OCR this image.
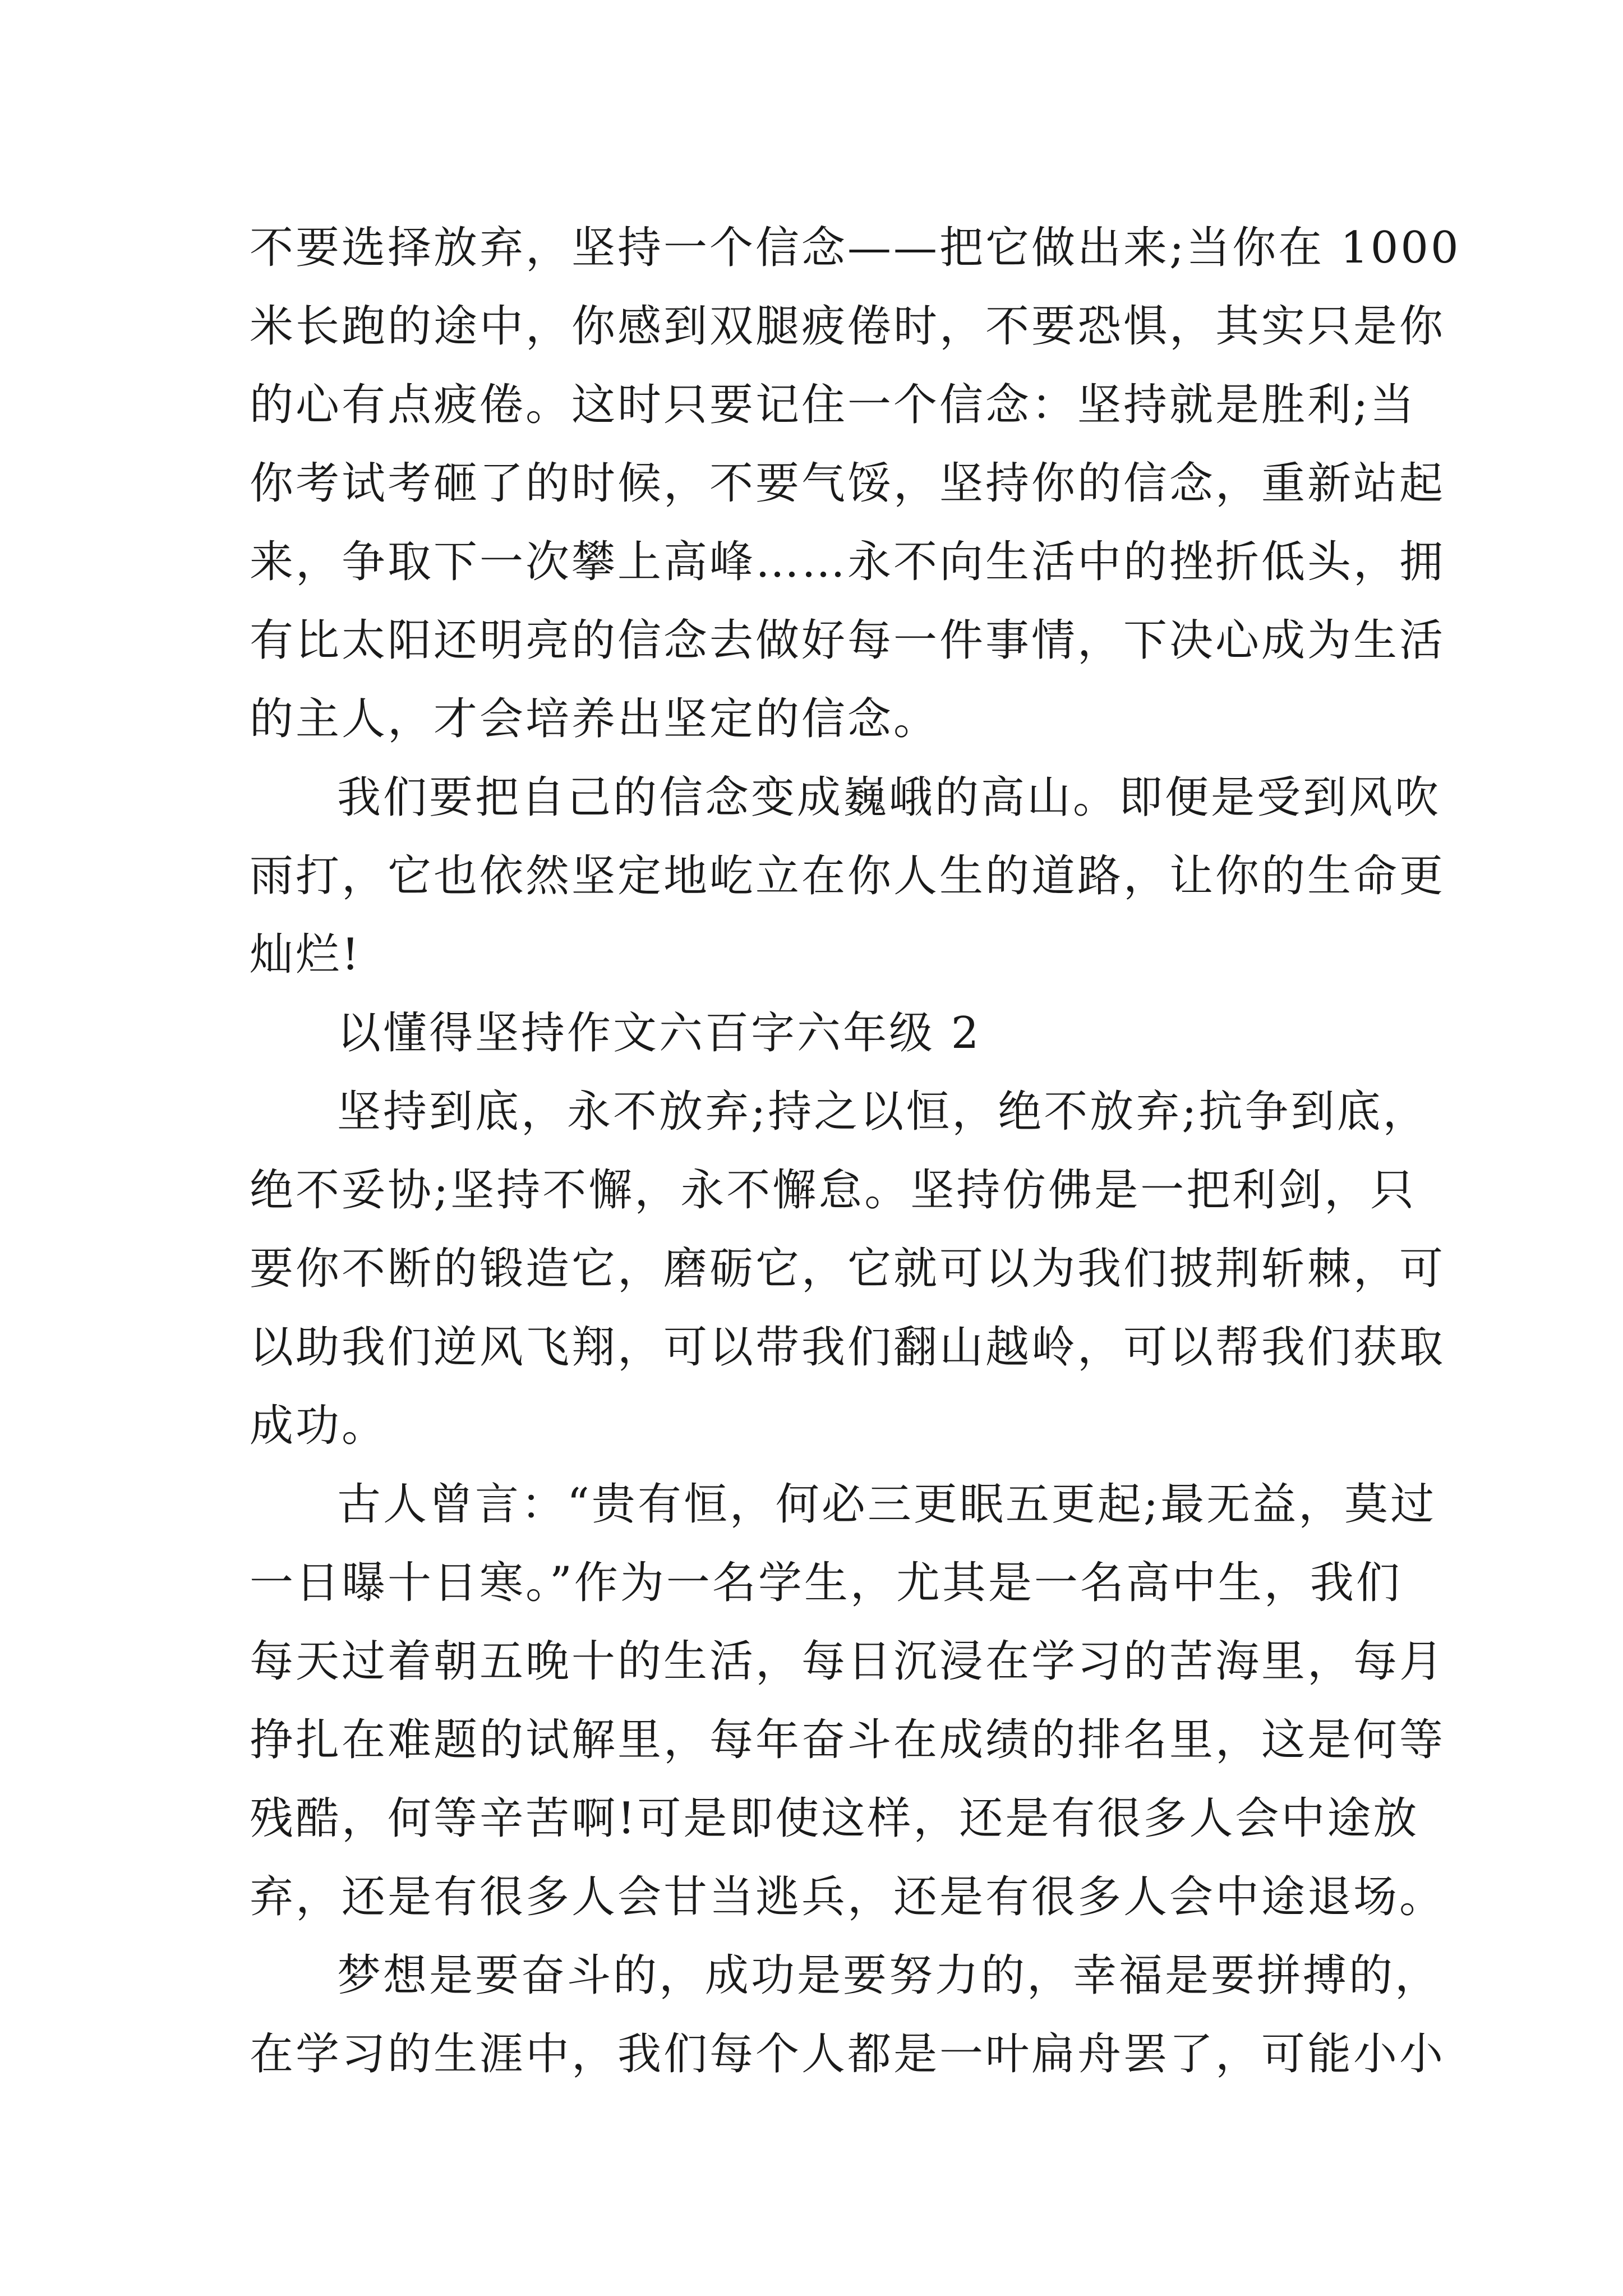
不要选择放弃，坚持一个信念——把它做出来;当你在 1000
米长跑的途中，你感到双腿疲倦时，不要恐惧，其实只是你
的心有点疲倦。这时只要记住一个信念：坚持就是胜利;当
你考试考砸了的时候，不要气馁，坚持你的信念，重新站起
来，争取下一次攀上高峰……永不向生活中的挫折低头，拥
有比太阳还明亮的信念去做好每一件事情，下决心成为生活
的主人，才会培养出坚定的信念。
我们要把自己的信念变成巍峨的高山。即便是受到风吹
雨打，它也依然坚定地屹立在你人生的道路，让你的生命更
灿烂!
以懂得坚持作文六百字六年级 2
坚持到底，永不放弃;持之以恒，绝不放弃;抗争到底，
绝不妥协;坚持不懈，永不懈怠。坚持仿佛是一把利剑，只
要你不断的锻造它，磨砺它，它就可以为我们披荆斩棘，可
以助我们逆风飞翔，可以带我们翻山越岭，可以帮我们获取
成功。
古人曾言：“贵有恒，何必三更眠五更起;最无益，莫过
一日曝十日寒。”作为一名学生，尤其是一名高中生，我们
每天过着朝五晚十的生活，每日沉浸在学习的苦海里，每月
挣扎在难题的试解里，每年奋斗在成绩的排名里，这是何等
残酷，何等辛苦啊!可是即使这样，还是有很多人会中途放
弃，还是有很多人会甘当逃兵，还是有很多人会中途退场。
梦想是要奋斗的，成功是要努力的，幸福是要拼搏的，
在学习的生涯中，我们每个人都是一叶扁舟罢了，可能小小
